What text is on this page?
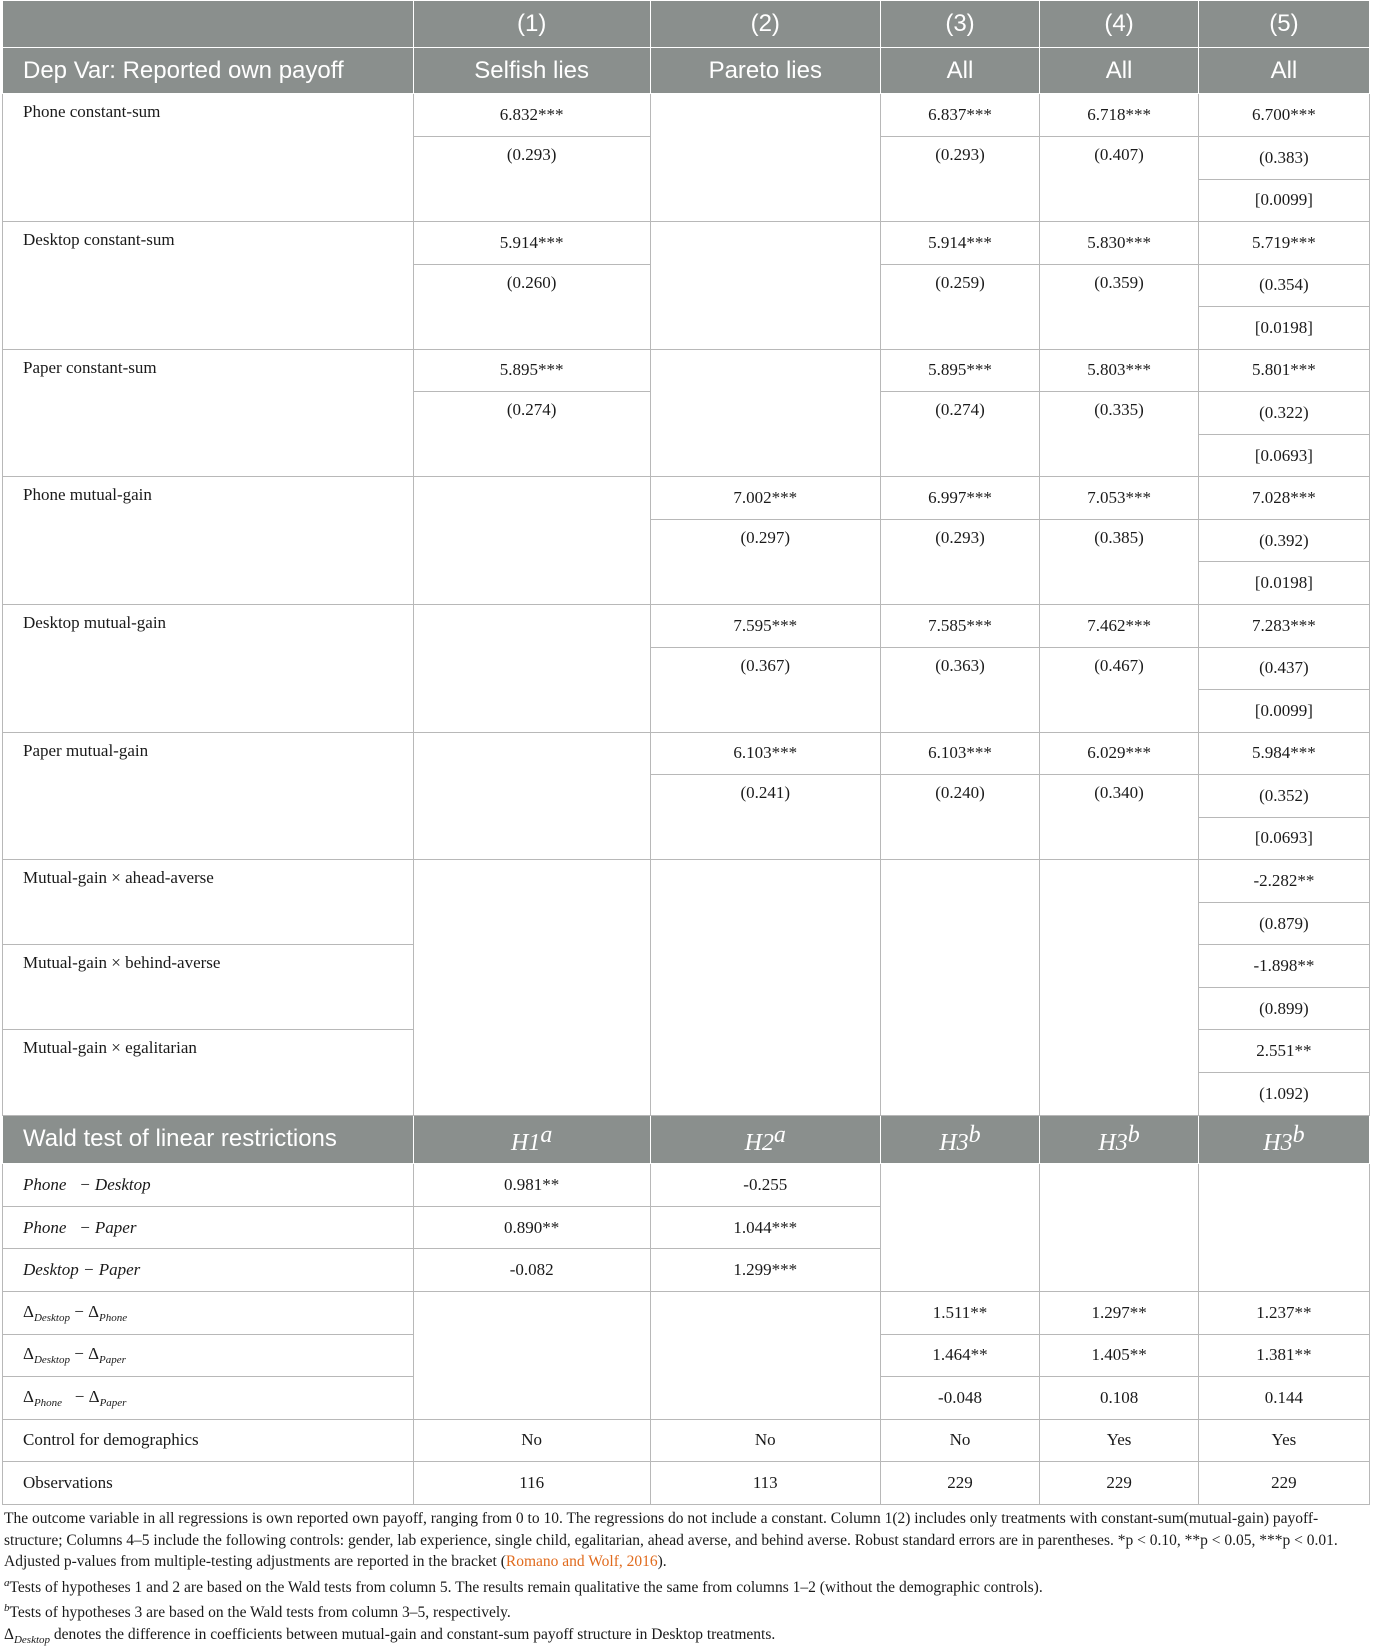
	(1)	(2)	(3)	(4)	(5)
Dep Var: Reported own payoff	Selfish lies	Pareto lies	All	All	All
Phone constant-sum	6.832***		6.837***	6.718***	6.700***
	(0.293)		(0.293)	(0.407)	(0.383)
					[0.0099]
Desktop constant-sum	5.914***		5.914***	5.830***	5.719***
	(0.260)		(0.259)	(0.359)	(0.354)
					[0.0198]
Paper constant-sum	5.895***		5.895***	5.803***	5.801***
	(0.274)		(0.274)	(0.335)	(0.322)
					[0.0693]
Phone mutual-gain		7.002***	6.997***	7.053***	7.028***
		(0.297)	(0.293)	(0.385)	(0.392)
					[0.0198]
Desktop mutual-gain		7.595***	7.585***	7.462***	7.283***
		(0.367)	(0.363)	(0.467)	(0.437)
					[0.0099]
Paper mutual-gain		6.103***	6.103***	6.029***	5.984***
		(0.241)	(0.240)	(0.340)	(0.352)
					[0.0693]
Mutual-gain × ahead-averse					-2.282**
					(0.879)
Mutual-gain × behind-averse					-1.898**
					(0.899)
Mutual-gain × egalitarian					2.551**
					(1.092)
Wald test of linear restrictions	H1a	H2a	H3b	H3b	H3b
Phone   − Desktop	0.981**	-0.255			
Phone   − Paper	0.890**	1.044***			
Desktop − Paper	-0.082	1.299***			
$\Delta_{Desktop} - \Delta_{Phone}$			1.511**	1.297**	1.237**
$\Delta_{Desktop} - \Delta_{Paper}$			1.464**	1.405**	1.381**
$\Delta_{Phone} - \Delta_{Paper}$			-0.048	0.108	0.144
Control for demographics	No	No	No	Yes	Yes
Observations	116	113	229	229	229

The outcome variable in all regressions is own reported own payoff, ranging from 0 to 10. The regressions do not include a constant. Column 1(2) includes only treatments with constant-sum(mutual-gain) payoff-structure; Columns 4–5 include the following controls: gender, lab experience, single child, egalitarian, ahead averse, and behind averse. Robust standard errors are in parentheses. *p < 0.10, **p < 0.05, ***p < 0.01. Adjusted p-values from multiple-testing adjustments are reported in the bracket (Romano and Wolf, 2016).

$^a$Tests of hypotheses 1 and 2 are based on the Wald tests from column 5. The results remain qualitative the same from columns 1–2 (without the demographic controls).

$^b$Tests of hypotheses 3 are based on the Wald tests from column 3–5, respectively.

$\Delta_{Desktop}$ denotes the difference in coefficients between mutual-gain and constant-sum payoff structure in Desktop treatments.
